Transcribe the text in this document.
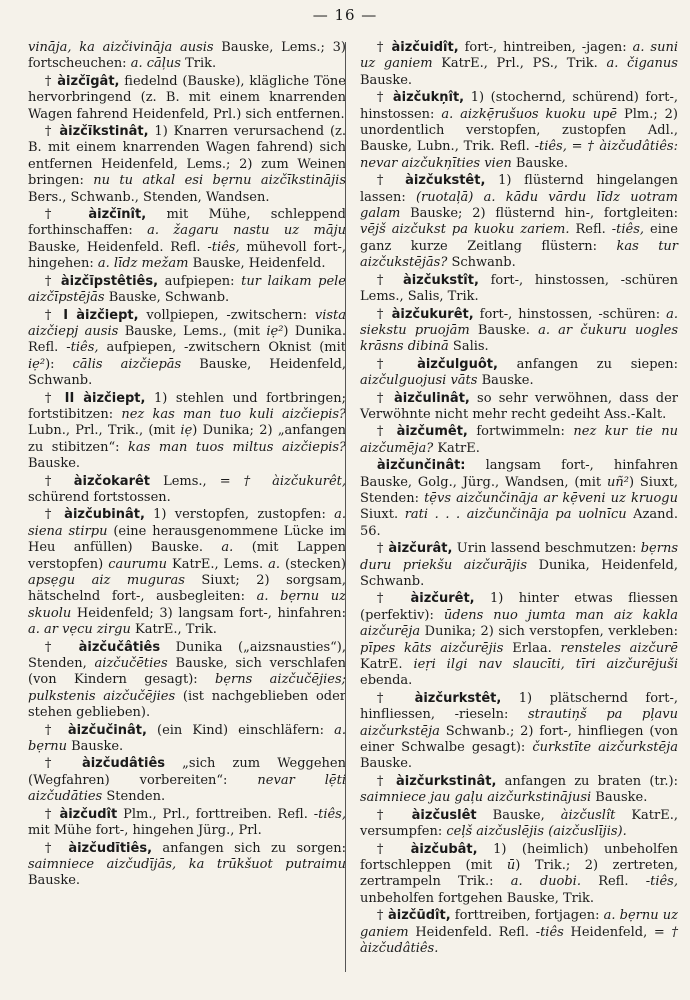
— 16 —

vināja, ka aizčivināja ausis Bauske, Lems.; 3) fortscheuchen: a. cāļus Trik.

† àizčīgât, fiedelnd (Bauske), klägliche Töne hervorbringend (z. B. mit einem knarrenden Wagen fahrend Heidenfeld, Prl.) sich entfernen.

† àizčīkstinât, 1) Knarren verursachend (z. B. mit einem knarrenden Wagen fahrend) sich entfernen Heidenfeld, Lems.; 2) zum Weinen bringen: nu tu atkal esi bẹrnu aizčīkstinājis Bers., Schwanb., Stenden, Wandsen.

† àizčīnît, mit Mühe, schleppend forthinschaffen: a. žagaru nastu uz māju Bauske, Heidenfeld. Refl. -tiês, mühevoll fort-, hingehen: a. līdz mežam Bauske, Heidenfeld.

† àizčīpstêtiês, aufpiepen: tur laikam pele aizčīpstējās Bauske, Schwanb.

† I àizčiept, vollpiepen, -zwitschern: vista aizčiepj ausis Bauske, Lems., (mit iẹ²) Dunika. Refl. -tiês, aufpiepen, -zwitschern Oknist (mit iẹ²): cālis aizčiepās Bauske, Heidenfeld, Schwanb.

† II àizčiept, 1) stehlen und fortbringen; fortstibitzen: nez kas man tuo kuli aizčiepis? Lubn., Prl., Trik., (mit iẹ) Dunika; 2) „anfangen zu stibitzen“: kas man tuos miltus aizčiepis? Bauske.

† àizčokarêt Lems., = † àizčukurêt, schürend fortstossen.

† àizčubinât, 1) verstopfen, zustopfen: a. siena stirpu (eine herausgenommene Lücke im Heu anfüllen) Bauske. a. (mit Lappen verstopfen) caurumu KatrE., Lems. a. (stecken) apsẹgu aiz muguras Siuxt; 2) sorgsam, hätschelnd fort-, ausbegleiten: a. bẹrnu uz skuolu Heidenfeld; 3) langsam fort-, hinfahren: a. ar vẹcu zirgu KatrE., Trik.

† àizčučâtiês Dunika („aizsnausties“), Stenden, aizčučēties Bauske, sich verschlafen (von Kindern gesagt): bẹrns aizčučējies; pulkstenis aizčučējies (ist nachgeblieben oder stehen geblieben).

† àizčučinât, (ein Kind) einschläfern: a. bẹrnu Bauske.

† àizčudâtiês „sich zum Weggehen (Wegfahren) vorbereiten“: nevar lẹ̄ti aizčudāties Stenden.

† àizčudît Plm., Prl., forttreiben. Refl. -tiês, mit Mühe fort-, hingehen Jürg., Prl.

† àizčudītiês, anfangen sich zu sorgen: saimniece aizčudījās, ka trūkšuot putraimu Bauske.

† àizčuidît, fort-, hintreiben, -jagen: a. suni uz ganiem KatrE., Prl., PS., Trik. a. čiganus Bauske.

† àizčukņît, 1) (stochernd, schürend) fort-, hinstossen: a. aizkẹ̄rušuos kuoku upē Plm.; 2) unordentlich verstopfen, zustopfen Adl., Bauske, Lubn., Trik. Refl. -tiês, = † àizčudâtiês: nevar aizčukņīties vien Bauske.

† àizčukstêt, 1) flüsternd hingelangen lassen: (ruotaļā) a. kādu vārdu līdz uotram galam Bauske; 2) flüsternd hin-, fortgleiten: vējš aizčukst pa kuoku zariem. Refl. -tiês, eine ganz kurze Zeitlang flüstern: kas tur aizčukstējās? Schwanb.

† àizčukstît, fort-, hinstossen, -schüren Lems., Salis, Trik.

† àizčukurêt, fort-, hinstossen, -schüren: a. siekstu pruojām Bauske. a. ar čukuru uogles krāsns dibinā Salis.

† àizčulguôt, anfangen zu siepen: aizčulguojusi vāts Bauske.

† àizčulinât, so sehr verwöhnen, dass der Verwöhnte nicht mehr recht gedeiht Ass.-Kalt.

† àizčumêt, fortwimmeln: nez kur tie nu aizčumēja? KatrE.

àizčunčinât: langsam fort-, hinfahren Bauske, Golg., Jürg., Wandsen, (mit uñ²) Siuxt, Stenden: tẹ̄vs aizčunčināja ar kẹ̄veni uz kruogu Siuxt. rati . . . aizčunčināja pa uolnīcu Azand. 56.

† àizčurât, Urin lassend beschmutzen: bẹrns duru priekšu aizčurājis Dunika, Heidenfeld, Schwanb.

† àizčurêt, 1) hinter etwas fliessen (perfektiv): ūdens nuo jumta man aiz kakla aizčurēja Dunika; 2) sich verstopfen, verkleben: pīpes kāts aizčurējis Erlaa. rensteles aizčurē KatrE. ieṛi ilgi nav slaucīti, tīri aizčurējuši ebenda.

† àizčurkstêt, 1) plätschernd fort-, hinfliessen, -rieseln: strautiņš pa pļavu aizčurkstēja Schwanb.; 2) fort-, hinfliegen (von einer Schwalbe gesagt): čurkstīte aizčurkstēja Bauske.

† àizčurkstinât, anfangen zu braten (tr.): saimniece jau gaļu aizčurkstinājusi Bauske.

† àizčuslêt Bauske, àizčuslît KatrE., versumpfen: ceļš aizčuslējis (aizčuslījis).

† àizčubât, 1) (heimlich) unbeholfen fortschleppen (mit ū) Trik.; 2) zertreten, zertrampeln Trik.: a. duobi. Refl. -tiês, unbeholfen fortgehen Bauske, Trik.

† àizčūdît, forttreiben, fortjagen: a. bẹrnu uz ganiem Heidenfeld. Refl. -tiês Heidenfeld, = † àizčudâtiês.
